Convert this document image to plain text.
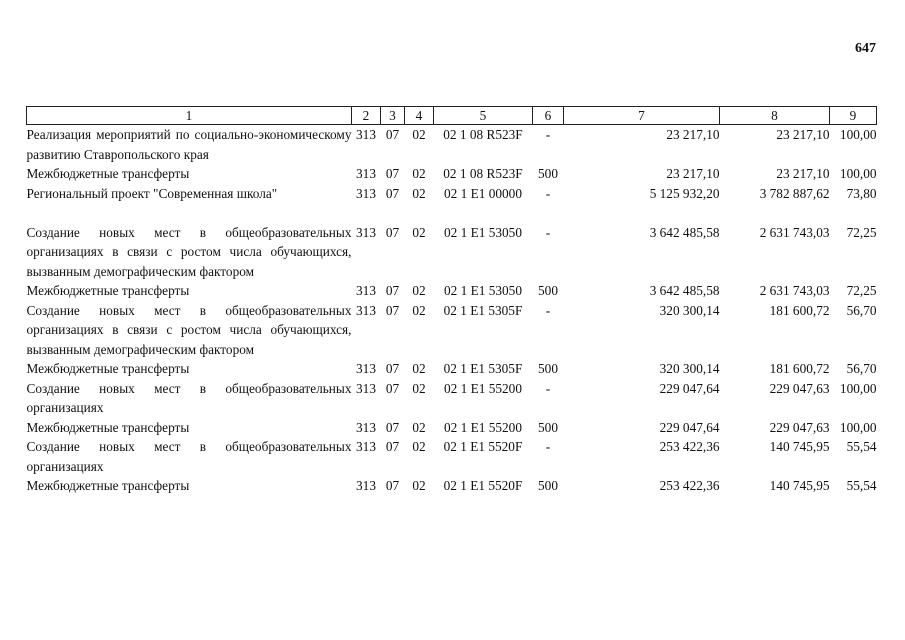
647
1	2	3	4	5	6	7	8	9
Реализация мероприятий по социально-экономическому развитию Ставропольского края	313	07	02	02 1 08 R523F	-	23 217,10	23 217,10	100,00
Межбюджетные трансферты	313	07	02	02 1 08 R523F	500	23 217,10	23 217,10	100,00
Региональный проект "Современная школа"	313	07	02	02 1 E1 00000	-	5 125 932,20	3 782 887,62	73,80
Создание новых мест в общеобразовательных организациях в связи с ростом числа обучающихся, вызванным демографическим фактором	313	07	02	02 1 E1 53050	-	3 642 485,58	2 631 743,03	72,25
Межбюджетные трансферты	313	07	02	02 1 E1 53050	500	3 642 485,58	2 631 743,03	72,25
Создание новых мест в общеобразовательных организациях в связи с ростом числа обучающихся, вызванным демографическим фактором	313	07	02	02 1 E1 5305F	-	320 300,14	181 600,72	56,70
Межбюджетные трансферты	313	07	02	02 1 E1 5305F	500	320 300,14	181 600,72	56,70
Создание новых мест в общеобразовательных организациях	313	07	02	02 1 E1 55200	-	229 047,64	229 047,63	100,00
Межбюджетные трансферты	313	07	02	02 1 E1 55200	500	229 047,64	229 047,63	100,00
Создание новых мест в общеобразовательных организациях	313	07	02	02 1 E1 5520F	-	253 422,36	140 745,95	55,54
Межбюджетные трансферты	313	07	02	02 1 E1 5520F	500	253 422,36	140 745,95	55,54
